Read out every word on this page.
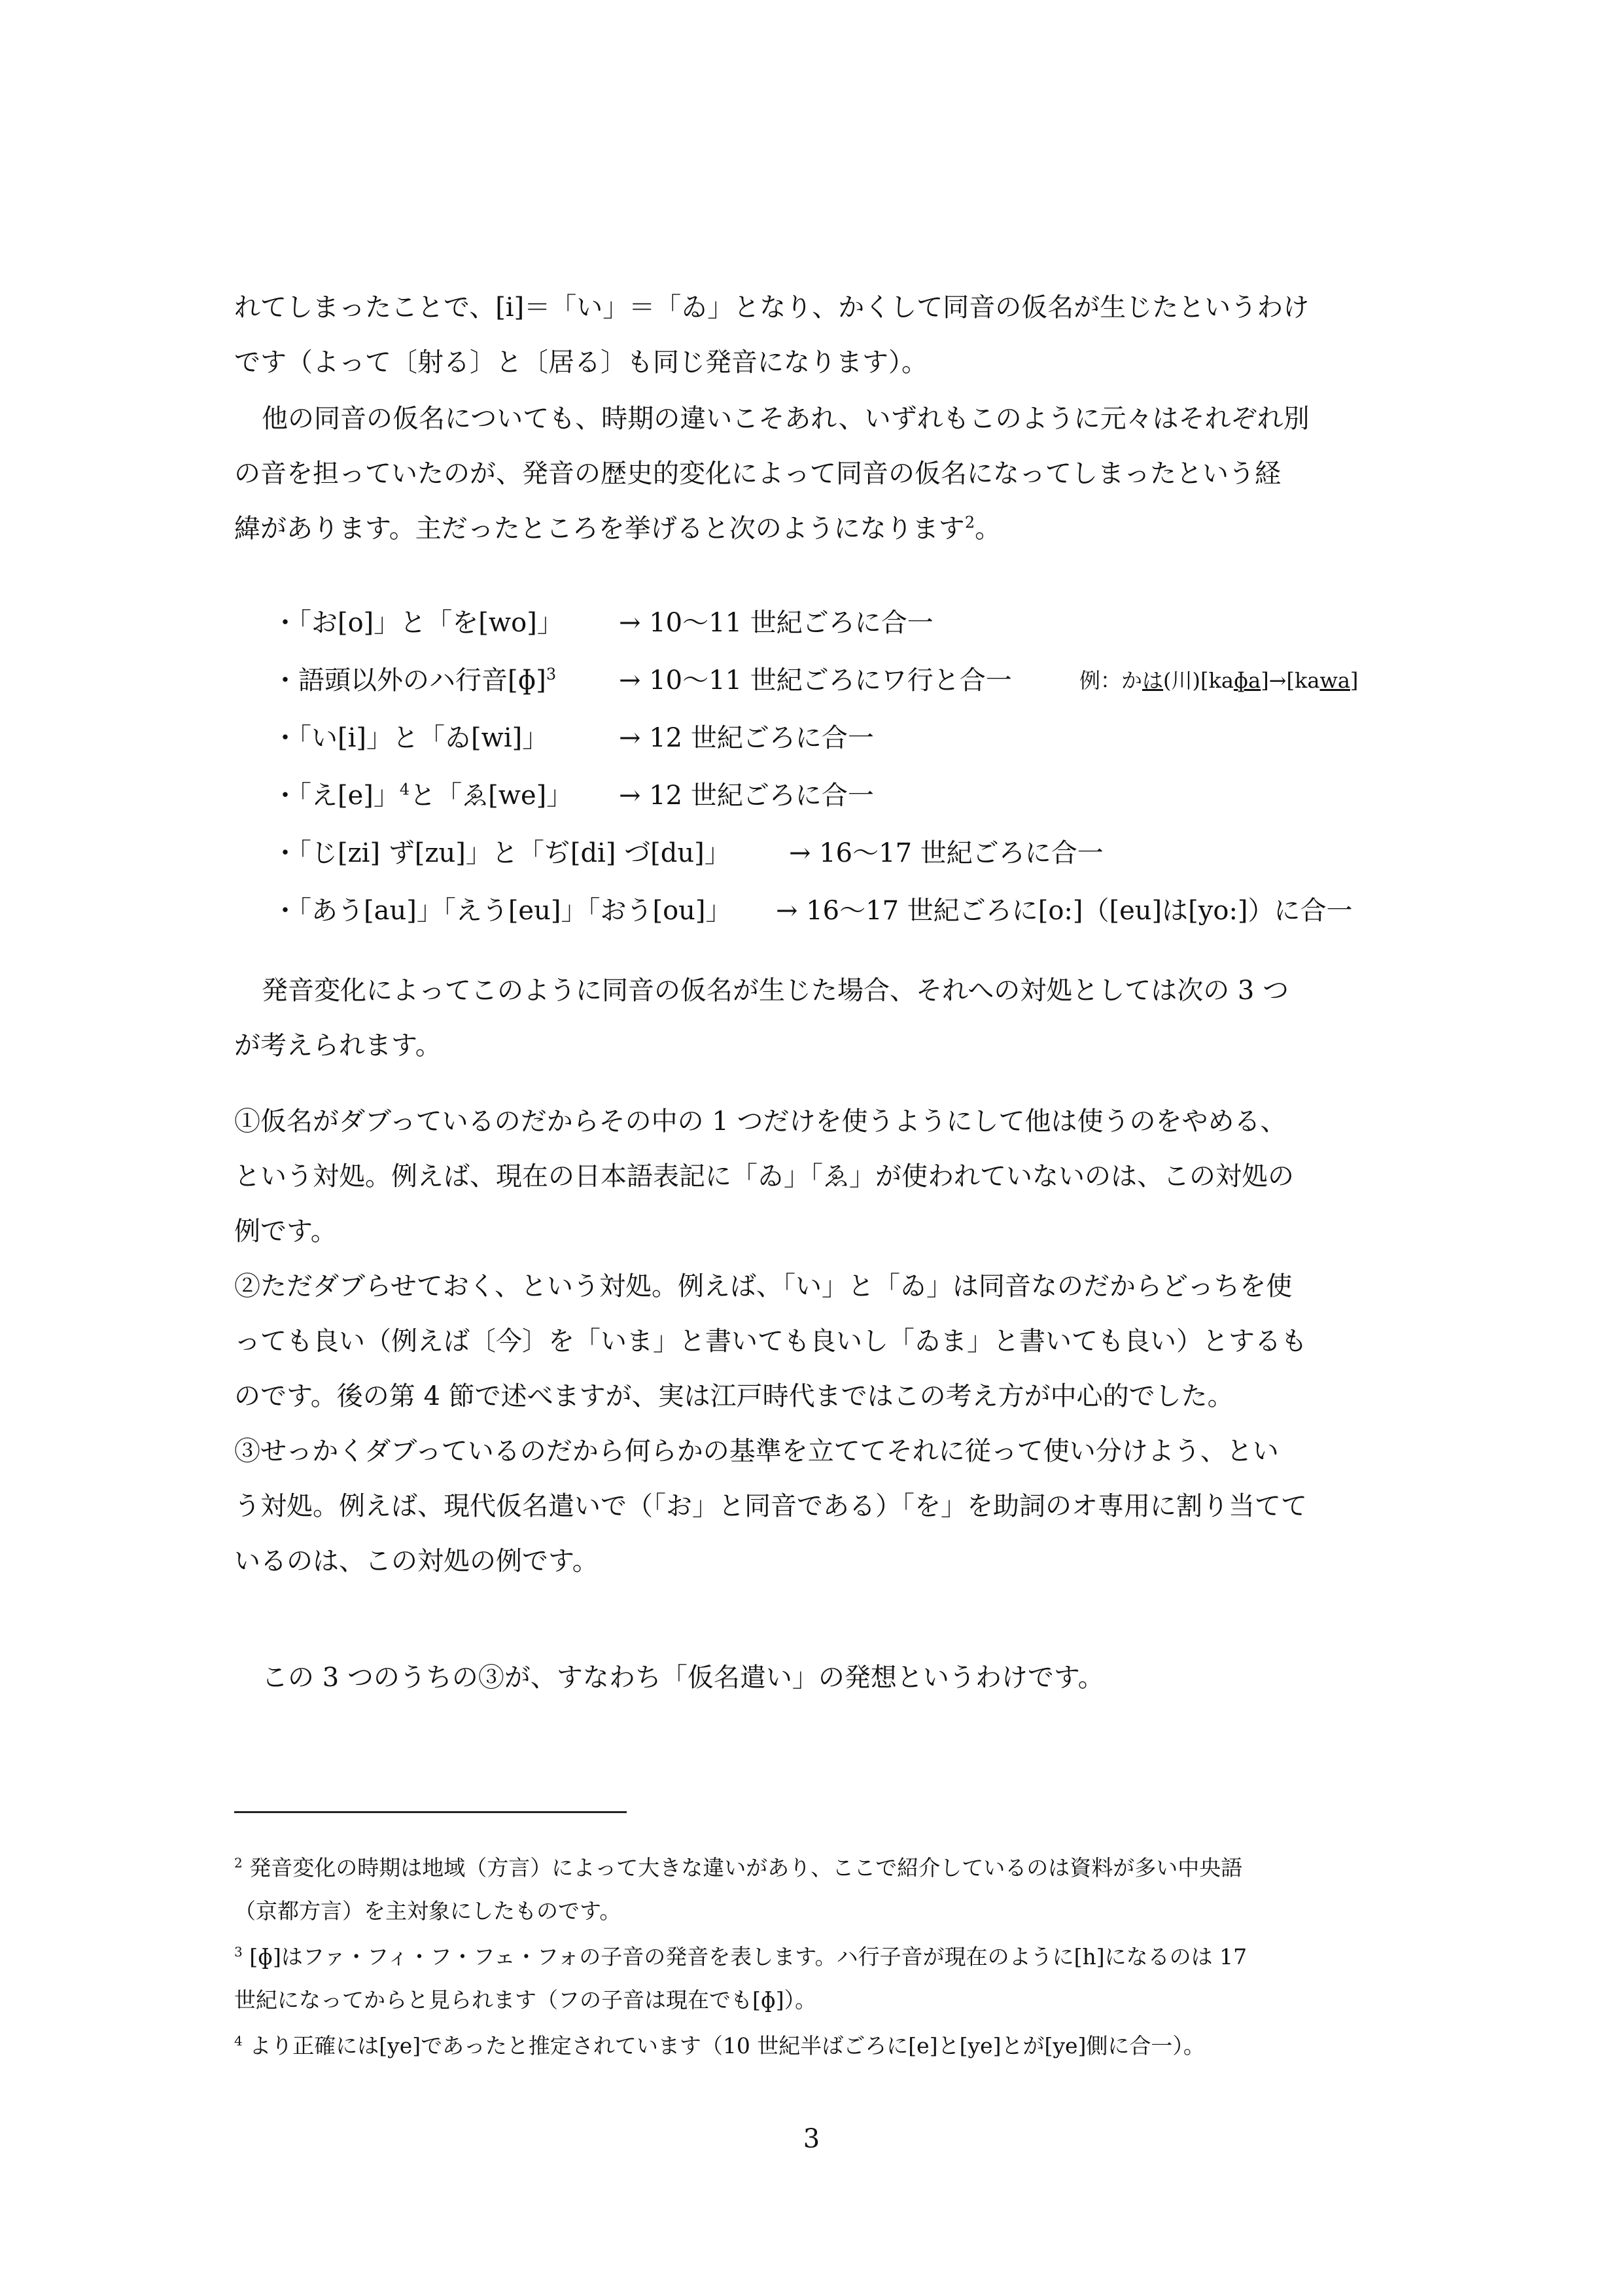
れてしまったことで、[i]＝「い」＝「ゐ」となり、かくして同音の仮名が生じたというわけ
です（よって〔射る〕と〔居る〕も同じ発音になります）。

他の同音の仮名についても、時期の違いこそあれ、いずれもこのように元々はそれぞれ別
の音を担っていたのが、発音の歴史的変化によって同音の仮名になってしまったという経
緯があります。主だったところを挙げると次のようになります$^2$。

・「お[o]」と「を[wo]」 → 10〜11 世紀ごろに合一
・語頭以外のハ行音[ɸ]$^3$ → 10〜11 世紀ごろにワ行と合一	例：かは(川)[kaɸa]→[kawa]
・「い[i]」と「ゐ[wi]」	→ 12 世紀ごろに合一
・「え[e]」$^4$と「ゑ[we]」 → 12 世紀ごろに合一
・「じ[zi] ず[zu]」と「ぢ[di] づ[du]」 → 16〜17 世紀ごろに合一
・「あう[au]」「えう[eu]」「おう[ou]」 → 16〜17 世紀ごろに[o:]（[eu]は[yo:]）に合一

発音変化によってこのように同音の仮名が生じた場合、それへの対処としては次の 3 つ
が考えられます。

①仮名がダブっているのだからその中の 1 つだけを使うようにして他は使うのをやめる、
という対処。例えば、現在の日本語表記に「ゐ」「ゑ」が使われていないのは、この対処の
例です。
②ただダブらせておく、という対処。例えば、「い」と「ゐ」は同音なのだからどっちを使
っても良い（例えば〔今〕を「いま」と書いても良いし「ゐま」と書いても良い）とするも
のです。後の第 4 節で述べますが、実は江戸時代まではこの考え方が中心的でした。
③せっかくダブっているのだから何らかの基準を立ててそれに従って使い分けよう、とい
う対処。例えば、現代仮名遣いで（「お」と同音である）「を」を助詞のオ専用に割り当てて
いるのは、この対処の例です。

この 3 つのうちの③が、すなわち「仮名遣い」の発想というわけです。

$^2$ 発音変化の時期は地域（方言）によって大きな違いがあり、ここで紹介しているのは資料が多い中央語
（京都方言）を主対象にしたものです。

$^3$ [ɸ]はファ・フィ・フ・フェ・フォの子音の発音を表します。ハ行子音が現在のように[h]になるのは 17
世紀になってからと見られます（フの子音は現在でも[ɸ]）。

$^4$ より正確には[ye]であったと推定されています（10 世紀半ばごろに[e]と[ye]とが[ye]側に合一）。

3
